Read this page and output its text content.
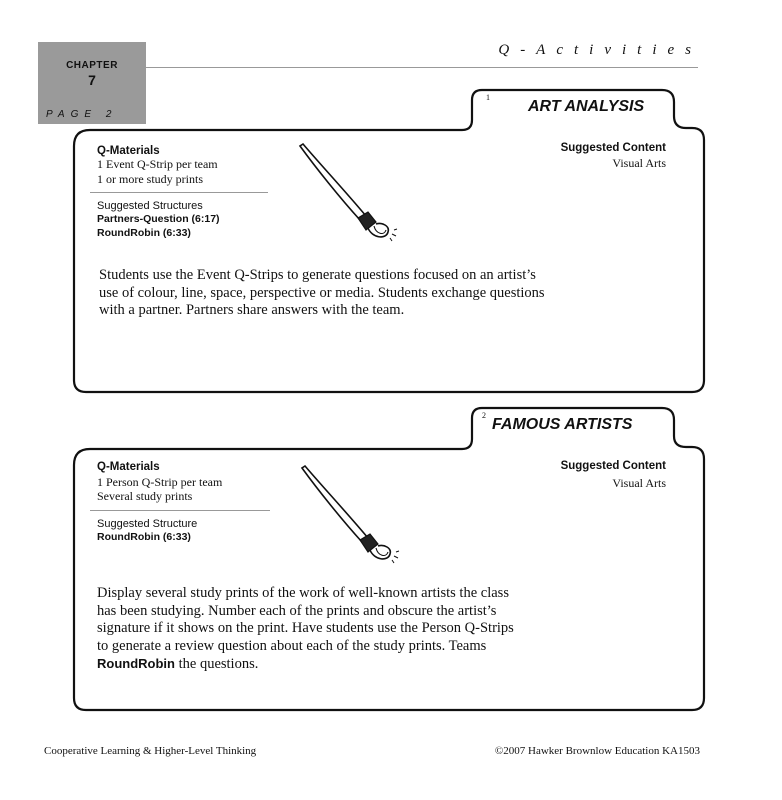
CHAPTER
7
PAGE 2
Q-Activities
1
ART ANALYSIS
Q-Materials
1 Event Q-Strip per team
1 or more study prints
Suggested Structures
Partners-Question (6:17)
RoundRobin (6:33)
Suggested Content
Visual Arts
Students use the Event Q-Strips to generate questions focused on an artist’s
use of colour, line, space, perspective or media. Students exchange questions
with a partner. Partners share answers with the team.
2
FAMOUS ARTISTS
Q-Materials
1 Person Q-Strip per team
Several study prints
Suggested Structure
RoundRobin (6:33)
Suggested Content
Visual Arts
Display several study prints of the work of well-known artists the class
has been studying. Number each of the prints and obscure the artist’s
signature if it shows on the print. Have students use the Person Q-Strips
to generate a review question about each of the study prints. Teams
RoundRobin the questions.
Cooperative Learning & Higher-Level Thinking	©2007 Hawker Brownlow Education KA1503
